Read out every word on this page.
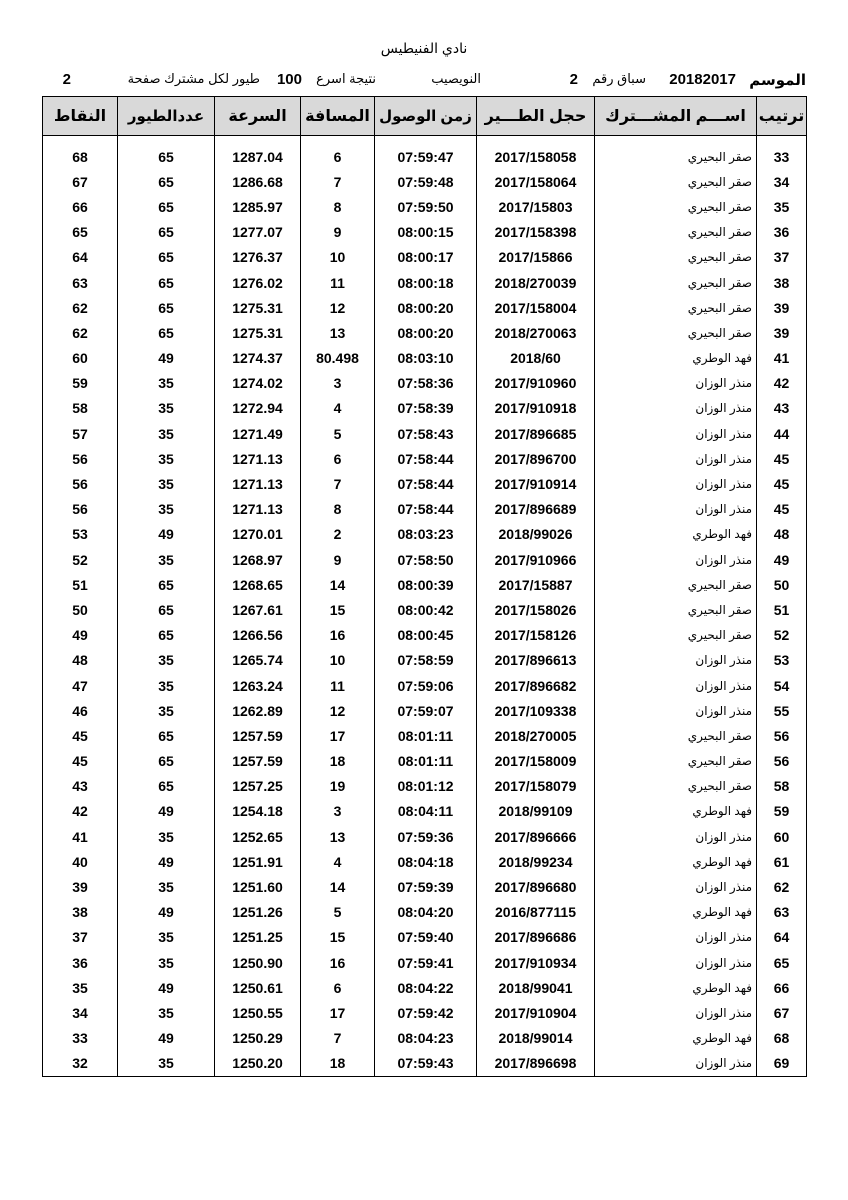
نادي الفنيطيس
الموسم
20182017
سباق رقم
2
النويصيب
نتيجة اسرع
100
طيور لكل مشترك صفحة
2
ترتيب	اســـم المشـــترك	حجل الطـــير	زمن الوصول	المسافة	السرعة	عددالطيور	النقاط

33	صقر البحيري	2017/158058	07:59:47	6	1287.04	65	68
34	صقر البحيري	2017/158064	07:59:48	7	1286.68	65	67
35	صقر البحيري	2017/15803	07:59:50	8	1285.97	65	66
36	صقر البحيري	2017/158398	08:00:15	9	1277.07	65	65
37	صقر البحيري	2017/15866	08:00:17	10	1276.37	65	64
38	صقر البحيري	2018/270039	08:00:18	11	1276.02	65	63
39	صقر البحيري	2017/158004	08:00:20	12	1275.31	65	62
39	صقر البحيري	2018/270063	08:00:20	13	1275.31	65	62
41	فهد الوطري	2018/60	08:03:10	80.498	1274.37	49	60
42	منذر الوزان	2017/910960	07:58:36	3	1274.02	35	59
43	منذر الوزان	2017/910918	07:58:39	4	1272.94	35	58
44	منذر الوزان	2017/896685	07:58:43	5	1271.49	35	57
45	منذر الوزان	2017/896700	07:58:44	6	1271.13	35	56
45	منذر الوزان	2017/910914	07:58:44	7	1271.13	35	56
45	منذر الوزان	2017/896689	07:58:44	8	1271.13	35	56
48	فهد الوطري	2018/99026	08:03:23	2	1270.01	49	53
49	منذر الوزان	2017/910966	07:58:50	9	1268.97	35	52
50	صقر البحيري	2017/15887	08:00:39	14	1268.65	65	51
51	صقر البحيري	2017/158026	08:00:42	15	1267.61	65	50
52	صقر البحيري	2017/158126	08:00:45	16	1266.56	65	49
53	منذر الوزان	2017/896613	07:58:59	10	1265.74	35	48
54	منذر الوزان	2017/896682	07:59:06	11	1263.24	35	47
55	منذر الوزان	2017/109338	07:59:07	12	1262.89	35	46
56	صقر البحيري	2018/270005	08:01:11	17	1257.59	65	45
56	صقر البحيري	2017/158009	08:01:11	18	1257.59	65	45
58	صقر البحيري	2017/158079	08:01:12	19	1257.25	65	43
59	فهد الوطري	2018/99109	08:04:11	3	1254.18	49	42
60	منذر الوزان	2017/896666	07:59:36	13	1252.65	35	41
61	فهد الوطري	2018/99234	08:04:18	4	1251.91	49	40
62	منذر الوزان	2017/896680	07:59:39	14	1251.60	35	39
63	فهد الوطري	2016/877115	08:04:20	5	1251.26	49	38
64	منذر الوزان	2017/896686	07:59:40	15	1251.25	35	37
65	منذر الوزان	2017/910934	07:59:41	16	1250.90	35	36
66	فهد الوطري	2018/99041	08:04:22	6	1250.61	49	35
67	منذر الوزان	2017/910904	07:59:42	17	1250.55	35	34
68	فهد الوطري	2018/99014	08:04:23	7	1250.29	49	33
69	منذر الوزان	2017/896698	07:59:43	18	1250.20	35	32
